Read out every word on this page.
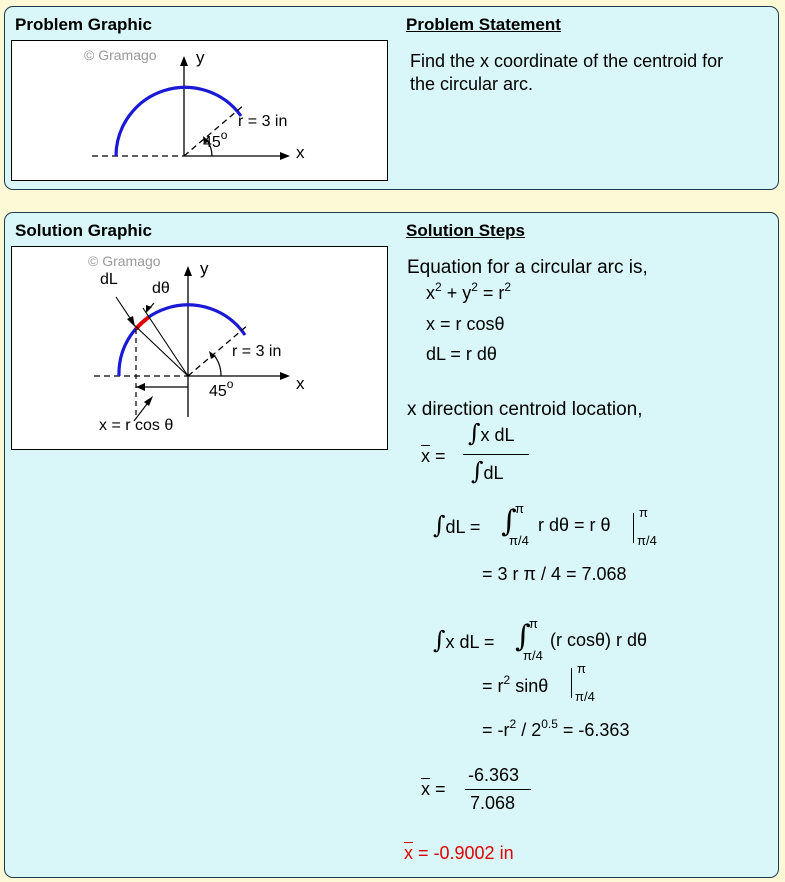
Problem Graphic	Problem Statement
© Gramago y
x
r = 3 in
45$^o$
Find the x coordinate of the centroid for
the circular arc.
Solution Graphic	Solution Steps
© Gramago y
x
dL
dθ
r = 3 in
45$^o$
x = r cos θ
Equation for a circular arc is,
$x^2 + y^2 = r^2$
x = r cosθ
dL = r dθ
x direction centroid location,
$\overline{x}$ =
∫x dL
∫dL
∫dL = ∫
π
π/4
r dθ = r θ
π
π/4
= 3 r π / 4 = 7.068
∫x dL = ∫
π
π/4
(r cosθ) r dθ
= $r^2$ sinθ
π
π/4
= $-r^2 / 2^{0.5} = -6.363$
$\overline{x}$ =
-6.363
7.068
$\overline{x} = -0.9002$ in
